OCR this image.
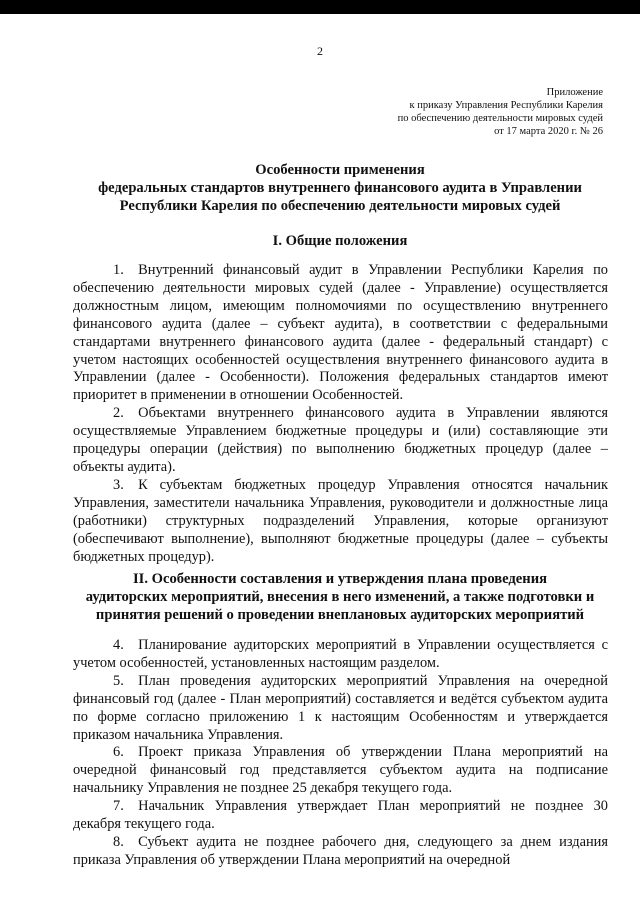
2
Приложение
к приказу Управления Республики Карелия
по обеспечению деятельности мировых судей
от 17 марта 2020 г. № 26
Особенности применения
федеральных стандартов внутреннего финансового аудита в Управлении
Республики Карелия по обеспечению деятельности мировых судей
I. Общие положения

1. Внутренний финансовый аудит в Управлении Республики Карелия по обеспечению деятельности мировых судей (далее - Управление) осуществляется должностным лицом, имеющим полномочиями по осуществлению внутреннего финансового аудита (далее – субъект аудита), в соответствии с федеральными стандартами внутреннего финансового аудита (далее - федеральный стандарт) с учетом настоящих особенностей осуществления внутреннего финансового аудита в Управлении (далее - Особенности). Положения федеральных стандартов имеют приоритет в применении в отношении Особенностей.

2. Объектами внутреннего финансового аудита в Управлении являются осуществляемые Управлением бюджетные процедуры и (или) составляющие эти процедуры операции (действия) по выполнению бюджетных процедур (далее – объекты аудита).

3. К субъектам бюджетных процедур Управления относятся начальник Управления, заместители начальника Управления, руководители и должностные лица (работники) структурных подразделений Управления, которые организуют (обеспечивают выполнение), выполняют бюджетные процедуры (далее – субъекты бюджетных процедур).

II. Особенности составления и утверждения плана проведения
аудиторских мероприятий, внесения в него изменений, а также подготовки и
принятия решений о проведении внеплановых аудиторских мероприятий

4. Планирование аудиторских мероприятий в Управлении осуществляется с учетом особенностей, установленных настоящим разделом.

5. План проведения аудиторских мероприятий Управления на очередной финансовый год (далее - План мероприятий) составляется и ведётся субъектом аудита по форме согласно приложению 1 к настоящим Особенностям и утверждается приказом начальника Управления.

6. Проект приказа Управления об утверждении Плана мероприятий на очередной финансовый год представляется субъектом аудита на подписание начальнику Управления не позднее 25 декабря текущего года.

7. Начальник Управления утверждает План мероприятий не позднее 30 декабря текущего года.

8. Субъект аудита не позднее рабочего дня, следующего за днем издания приказа Управления об утверждении Плана мероприятий на очередной
